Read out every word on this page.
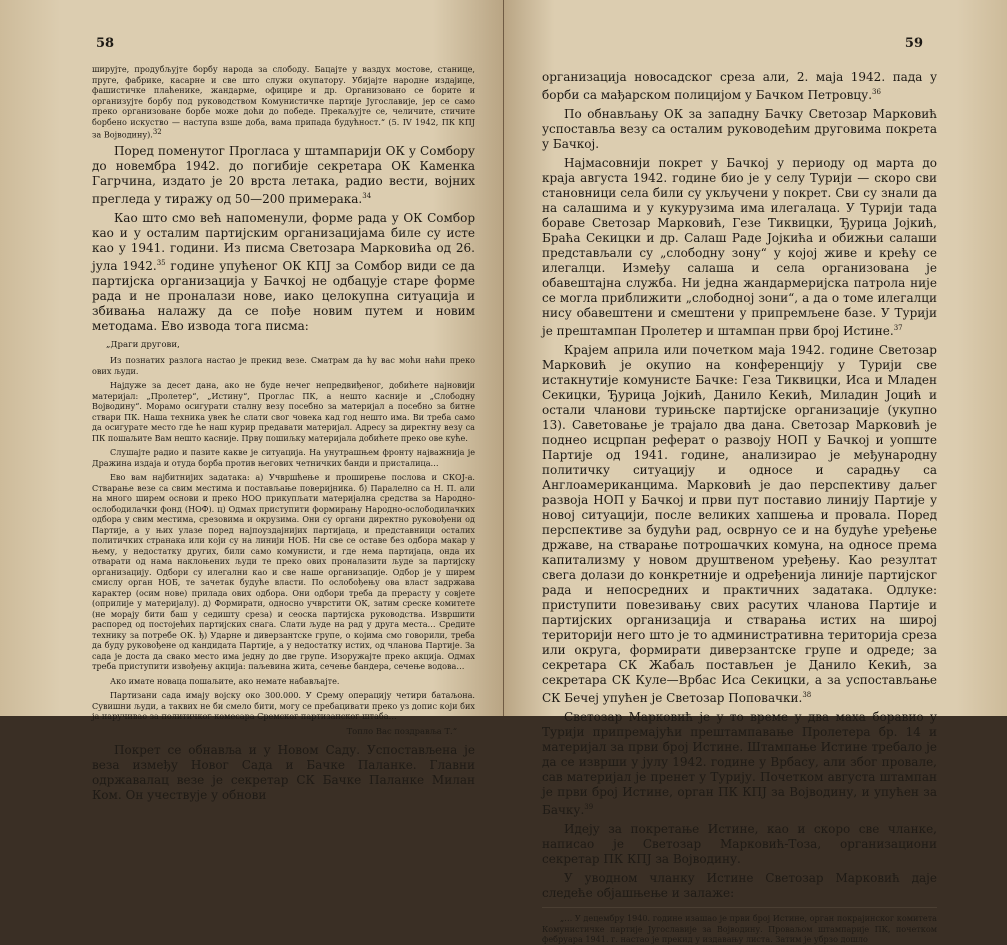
58

ширујте, продубљујте борбу народа за слободу. Бацајте у ваздух мостове, станице, пруге, фабрике, касарне и све што служи окупатору. Убијајте народне издајице, фашистичке плаћенике, жандарме, официре и др. Организовано се борите и организујте борбу под руководством Комунистичке партије Југославије, јер се само преко организоване борбе може доћи до победе. Прекаљујте се, челичите, стичите борбено искуство — наступа взше доба, вама припада будућност.“ (5. IV 1942, ПК КПЈ за Војводину).32

Поред поменутог Прогласа у штампарији ОК у Сомбору до новембра 1942. до погибије секретара ОК Каменка Гагрчина, издато је 20 врста летака, радио вести, војних прегледа у тиражу од 50—200 примерака.$^{34}$

Као што смо већ напоменули, форме рада у ОК Сомбор као и у осталим партијским организацијама биле су исте као у 1941. години. Из писма Светозара Марковића од 26. јула 1942.35 године упућеног ОК КПЈ за Сомбор види се да партијска организација у Бачкој не одбацује старе форме рада и не проналази нове, иако целокупна ситуација и збивања налажу да се пође новим путем и новим методама. Ево извода тога писма:

„Драги другови,

Из познатих разлога настао је прекид везе. Сматрам да ћу вас моћи наћи преко ових људи.

Најдуже за десет дана, ако не буде нечег непредвиђеног, добићете најновији материјал: „Пролетер“, „Истину“, Проглас ПК, а нешто касније и „Слободну Војводину“. Морамо осигурати сталну везу посебно за материјал а посебно за битне ствари ПК. Наша техника увек ће слати свог човека кад год нешто има. Ви треба само да осигурате место где ће наш курир предавати материјал. Адресу за директну везу са ПК пошаљите Вам нешто касније. Прву пошиљку материјала добићете преко ове куће.

Слушајте радио и пазите какве је ситуација. На унутрашњем фронту најважнија је Дражина издаја и отуда борба против његових четничких банди и присталица…

Ево вам најбитнијих задатака: а) Учвршћење и проширење послова и СКОЈ-а. Стварање везе са свим местима и постављање поверијника. б) Паралелно са Н. П. али на много ширем основи и преко НОО прикупљати материјална средства за Народно-ослободилачки фонд (НОФ). ц) Одмах приступити формирању Народно-ослободилачких одбора у свим местима, срезовима и окрузима. Они су органи директно руковођени од Партије, а у њих улазе поред најпоуздајнијих партијаца, и представници осталих политичких странака или који су на линији НОБ. Ни све се оставе без одбора макар у њему, у недостатку других, били само комунисти, и где нема партијаца, онда их отварати од нама наклоњених људи те преко ових проналазити људе за партијску организацију. Одбори су илегални као и све наше организације. Одбор је у ширем смислу орган НОБ, те зачетак будуће власти. По ослобођењу ова власт задржава карактер (осим нове) прилада ових одбора. Они одбори треба да прерасту у совјете (оприлије у материјалу). д) Формирати, односно учврстити ОК, затим среске комитете (не морају бити баш у седишту среза) и сеоска партијска руководства. Извршити распоред од постојећих партијских снага. Слати људе на рад у друга места… Средите технику за потребе ОК. ђ) Ударне и диверзантске групе, о којима смо говорили, треба да буду руковођене од кандидата Партије, а у недостатку истих, од чланова Партије. За сада је доста да свако место има једну до две групе. Изоружајте преко акција. Одмах треба приступити извођењу акција: паљевина жита, сечење бандера, сечење водова…

Ако имате новаца пошаљите, ако немате набављајте.

Партизани сада имају војску око 300.000. У Срему операцију четири батаљона. Сувишни људи, а таквих не би смело бити, могу се пребацивати преко уз допис који бих ја наручивао за политичког комесара Сремског партизанског штаба…

Топло Вас поздравља Т.“

Покрет се обнавља и у Новом Саду. Успостављена је веза између Новог Сада и Бачке Паланке. Главни одржавалац везе је секретар СК Бачке Паланке Милан Ком. Он учествује у обнови

59

организација новосадског среза али, 2. маја 1942. пада у борби са мађарском полицијом у Бачком Петровцу.$^{36}$

По обнављању ОК за западну Бачку Светозар Марковић успоставља везу са осталим руководећим друговима покрета у Бачкој.

Најмасовнији покрет у Бачкој у периоду од марта до краја августа 1942. године био је у селу Турији — скоро сви становници села били су укључени у покрет. Сви су знали да на салашима и у кукурузима има илегалаца. У Турији тада бораве Светозар Марковић, Гезе Тиквицки, Ђурица Јојкић, Браћа Секицки и др. Салаш Раде Јојкића и обижњи салаши представљали су „слободну зону“ у којој живе и крећу се илегалци. Између салаша и села организована је обавештајна служба. Ни једна жандармеријска патрола није се могла приближити „слободној зони“, а да о томе илегалци нису обавештени и смештени у припремљене базе. У Турији је прештампан Пролетер и штампан први број Истине.$^{37}$

Крајем априла или почетком маја 1942. године Светозар Марковић је окупио на конференцију у Турији све истакнутије комунисте Бачке: Геза Тиквицки, Иса и Младен Секицки, Ђурица Јојкић, Данило Кекић, Миладин Јоцић и остали чланови турињске партијске организације (укупно 13). Саветовање је трајало два дана. Светозар Марковић је поднео исцрпан реферат о развоју НОП у Бачкој и уопште Партије од 1941. године, анализирао је међународну политичку ситуацију и односе и сарадњу са Англоамериканцима. Марковић је дао перспективу даљег развоја НОП у Бачкој и први пут поставио линију Партије у новој ситуацији, после великих хапшења и провала. Поред перспективе за будући рад, осврнуо се и на будуће уређење државе, на стварање потрошачких комуна, на односе према капитализму у новом друштвеном уређењу. Као резултат свега долази до конкретније и одређенија линије партијског рада и непосредних и практичних задатака. Одлуке: приступити повезивању свих расутих чланова Партије и партијских организација и стварања истих на широј територији него што је то административна територија среза или округа, формирати диверзантске групе и одреде; за секретара СК Жабаљ постављен је Данило Кекић, за секретара СК Куле—Врбас Иса Секицки, а за успостављање СК Бечеј упућен је Светозар Поповачки.$^{38}$

Светозар Марковић је у то време у два маха боравио у Турији припремајући прештампавање Пролетера бр. 14 и материјал за први број Истине. Штампање Истине требало је да се изврши у јулу 1942. године у Врбасу, али због провале, сав материјал је пренет у Турију. Почетком августа штампан је први број Истине, орган ПК КПЈ за Војводину, и упућен за Бачку.$^{39}$

Идеју за покретање Истине, као и скоро све чланке, написао је Светозар Марковић-Тоза, организациони секретар ПК КПЈ за Војводину.

У уводном чланку Истине Светозар Марковић даје следеће објашњење и залаже:

„… У децембру 1940. године изашао је први број Истине, орган покрајинског комитета Комунистичке партије Југославије за Војводину. Проваљом штампарије ПК, почетком фебруара 1941. г. настао је прекид у издавању листа. Затим је убрзо дошло
